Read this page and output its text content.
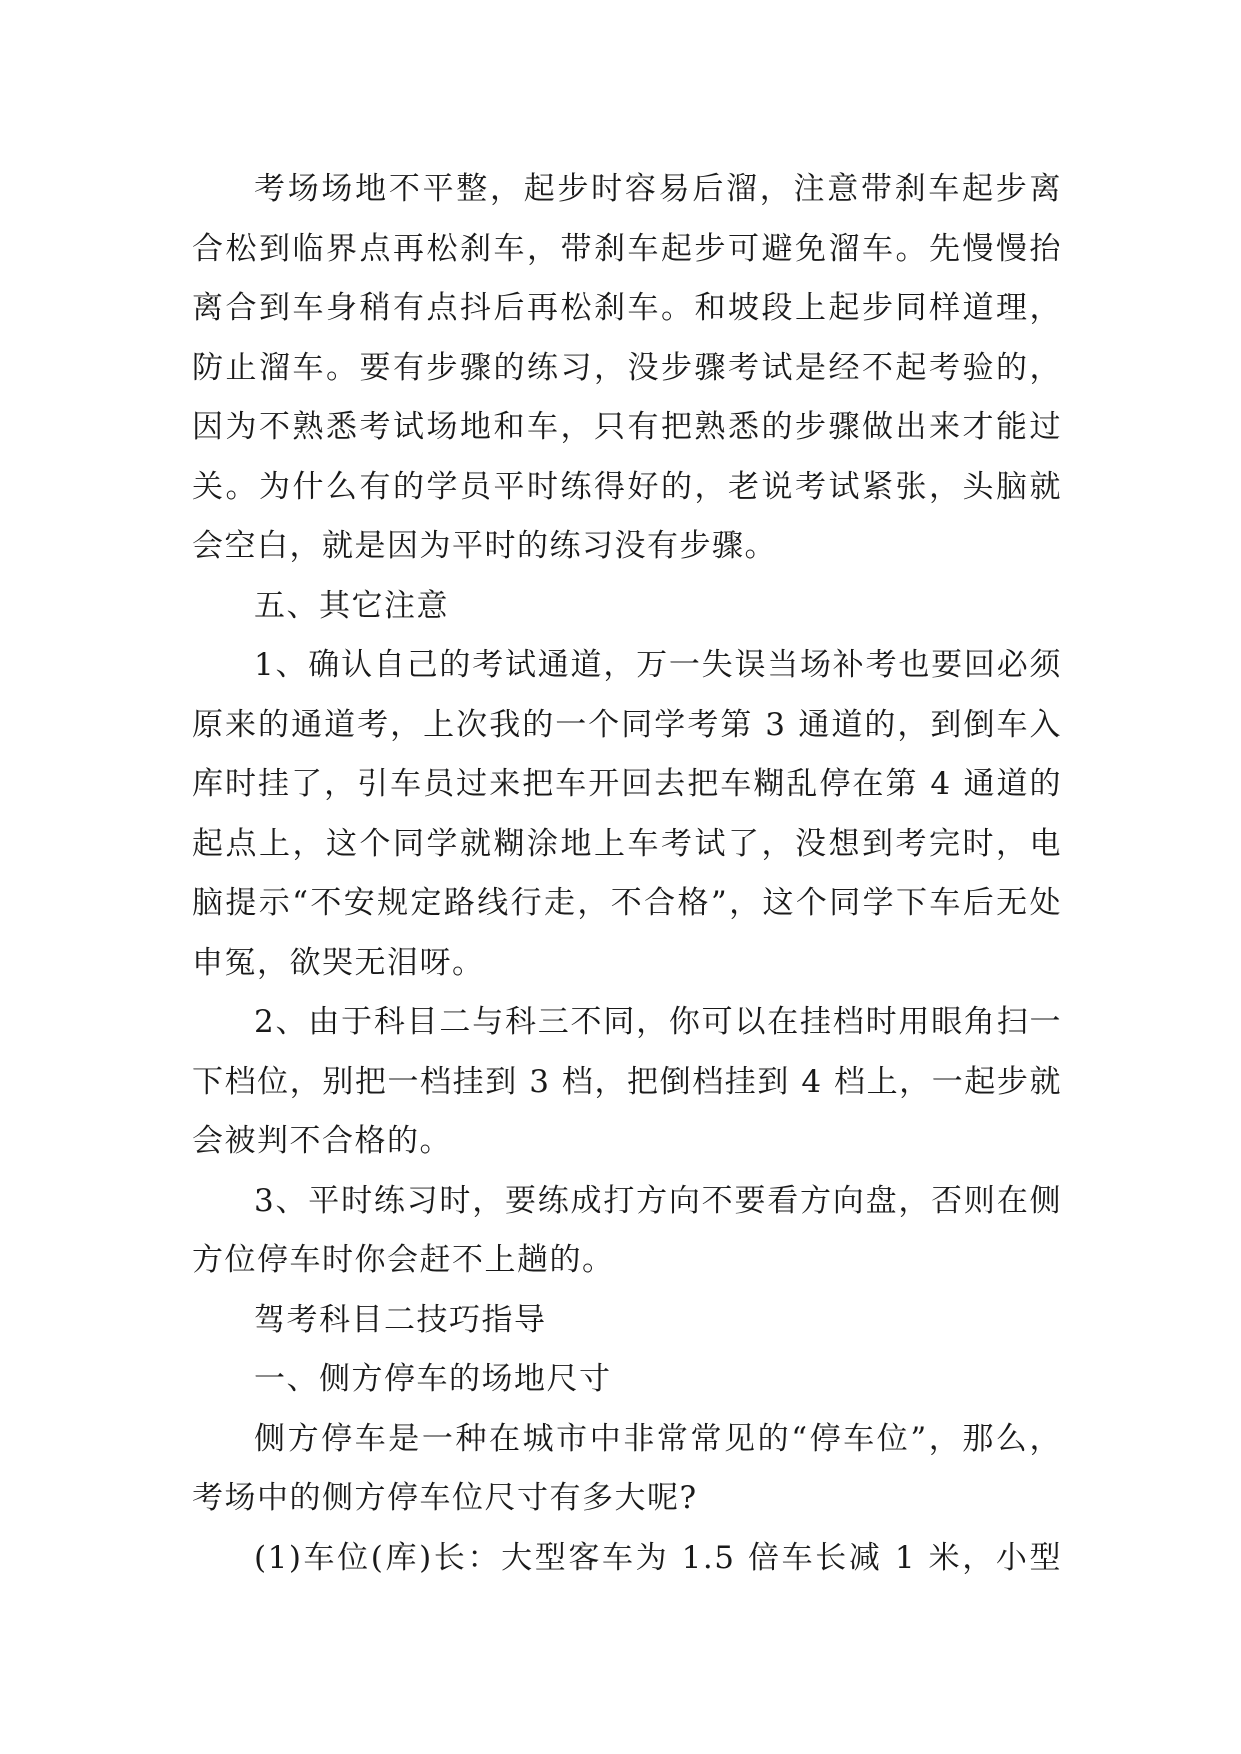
考场场地不平整，起步时容易后溜，注意带刹车起步离合松到临界点再松刹车，带刹车起步可避免溜车。先慢慢抬离合到车身稍有点抖后再松刹车。和坡段上起步同样道理，防止溜车。要有步骤的练习，没步骤考试是经不起考验的，因为不熟悉考试场地和车，只有把熟悉的步骤做出来才能过关。为什么有的学员平时练得好的，老说考试紧张，头脑就会空白，就是因为平时的练习没有步骤。

五、其它注意

1、确认自己的考试通道，万一失误当场补考也要回必须原来的通道考，上次我的一个同学考第 3 通道的，到倒车入库时挂了，引车员过来把车开回去把车糊乱停在第 4 通道的起点上，这个同学就糊涂地上车考试了，没想到考完时，电脑提示“不安规定路线行走，不合格”，这个同学下车后无处申冤，欲哭无泪呀。

2、由于科目二与科三不同，你可以在挂档时用眼角扫一下档位，别把一档挂到 3 档，把倒档挂到 4 档上，一起步就会被判不合格的。

3、平时练习时，要练成打方向不要看方向盘，否则在侧方位停车时你会赶不上趟的。

驾考科目二技巧指导

一、侧方停车的场地尺寸

侧方停车是一种在城市中非常常见的“停车位”，那么，考场中的侧方停车位尺寸有多大呢?

(1)车位(库)长：大型客车为 1.5 倍车长减 1 米，小型
